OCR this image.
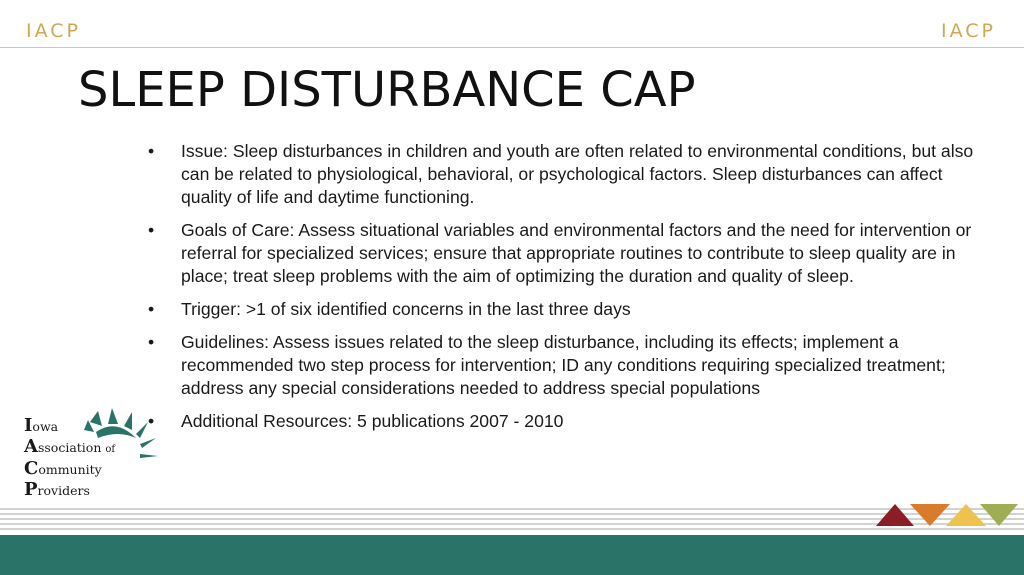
IACP	IACP
SLEEP DISTURBANCE CAP
•	Issue: Sleep disturbances in children and youth are often related to environmental conditions, but also can be related to physiological, behavioral, or psychological factors. Sleep disturbances can affect quality of life and daytime functioning.
•	Goals of Care: Assess situational variables and environmental factors and the need for intervention or referral for specialized services; ensure that appropriate routines to contribute to sleep quality are in place; treat sleep problems with the aim of optimizing the duration and quality of sleep.
•	Trigger: >1 of six identified concerns in the last three days
•	Guidelines: Assess issues related to the sleep disturbance, including its effects; implement a recommended two step process for intervention; ID any conditions requiring specialized treatment; address any special considerations needed to address special populations
•	Additional Resources: 5 publications 2007 - 2010
Iowa
Association of
Community
Providers
